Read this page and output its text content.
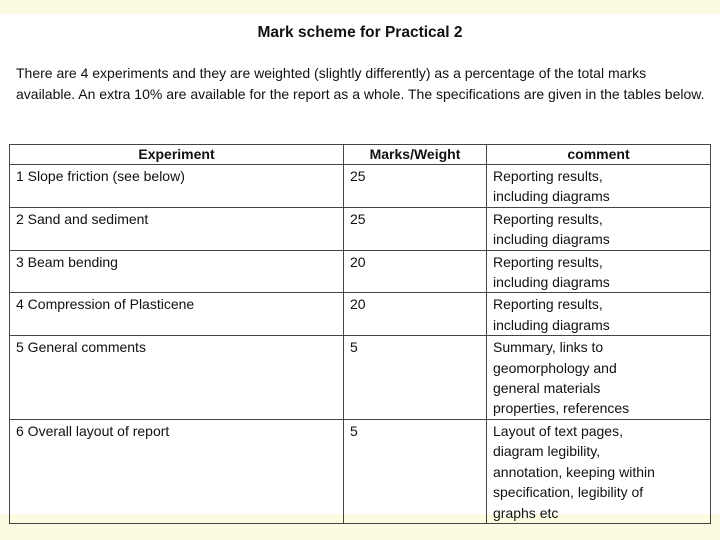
Mark scheme for Practical 2
There are 4 experiments and they are weighted (slightly differently) as a percentage of the total marks available. An extra 10% are available for the report as a whole. The specifications are given in the tables below.
Experiment	Marks/Weight	comment
1 Slope friction (see below)	25	Reporting results,
including diagrams
2 Sand and sediment	25	Reporting results,
including diagrams
3 Beam bending	20	Reporting results,
including diagrams
4 Compression of Plasticene	20	Reporting results,
including diagrams
5 General comments	5	Summary, links to
geomorphology and
general materials
properties, references
6 Overall layout of report	5	Layout of text pages,
diagram legibility,
annotation, keeping within
specification, legibility of
graphs etc
